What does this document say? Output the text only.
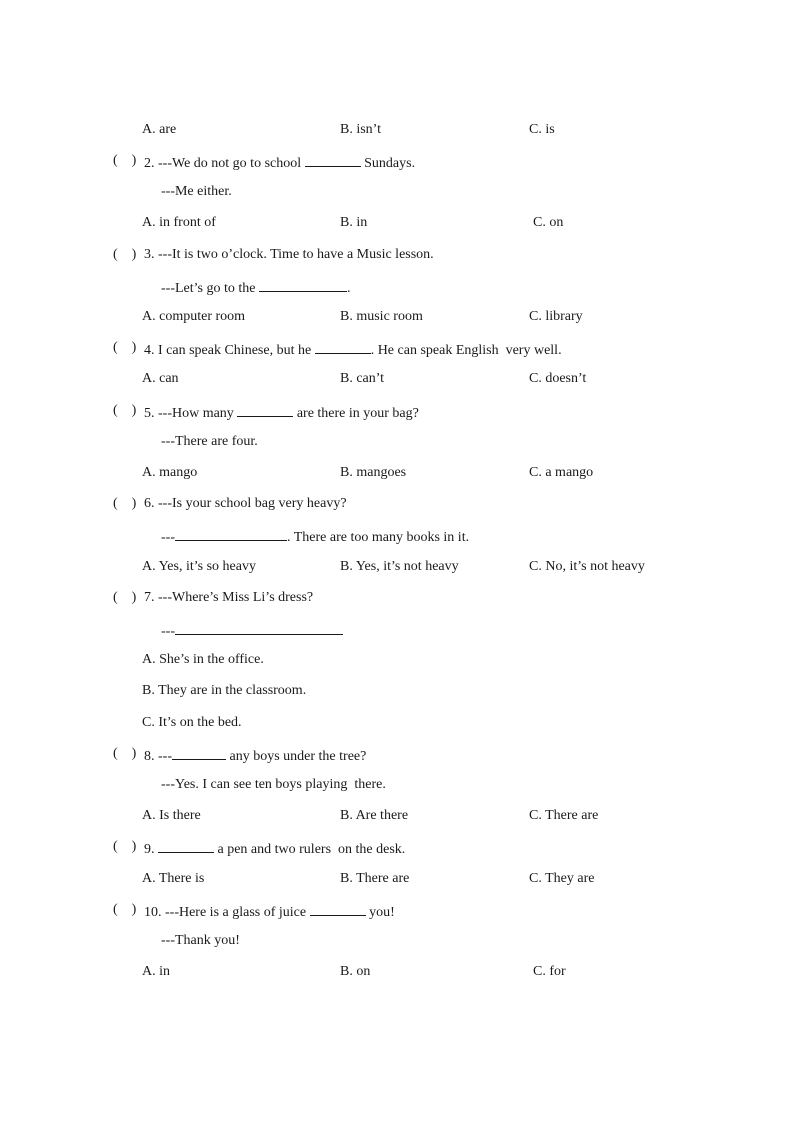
A. are	B. isn’t	C. is
(    ) 2. ---We do not go to school	Sundays.
---Me either.
A. in front of	B. in	C. on
(    ) 3. ---It is two o’clock. Time to have a Music lesson.
---Let’s go to the	.
A. computer room	B. music room	C. library
(    ) 4. I can speak Chinese, but he	. He can speak English  very well.
A. can	B. can’t	C. doesn’t
(    ) 5. ---How many	are there in your bag?
---There are four.
A. mango	B. mangoes	C. a mango
(    ) 6. ---Is your school bag very heavy?
---	. There are too many books in it.
A. Yes, it’s so heavy	B. Yes, it’s not heavy	C. No, it’s not heavy
(    ) 7. ---Where’s Miss Li’s dress?
---
A. She’s in the office.
B. They are in the classroom.
C. It’s on the bed.
(    ) 8. ---	any boys under the tree?
---Yes. I can see ten boys playing  there.
A. Is there	B. Are there	C. There are
(    ) 9.	a pen and two rulers  on the desk.
A. There is	B. There are	C. They are
(    ) 10. ---Here is a glass of juice	you!
---Thank you!
A. in	B. on	C. for
